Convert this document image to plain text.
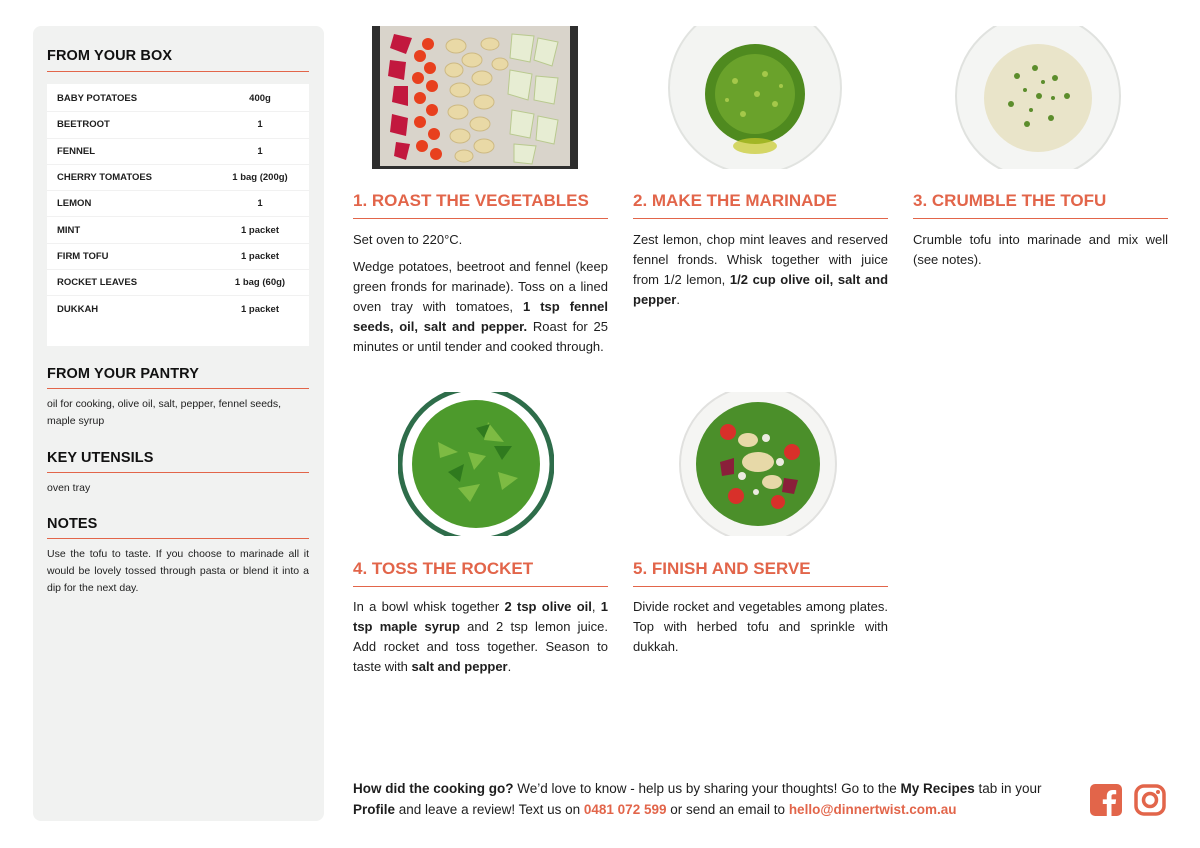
FROM YOUR BOX
BABY POTATOES	400g
BEETROOT	1
FENNEL	1
CHERRY TOMATOES	1 bag (200g)
LEMON	1
MINT	1 packet
FIRM TOFU	1 packet
ROCKET LEAVES	1 bag (60g)
DUKKAH	1 packet
FROM YOUR PANTRY
oil for cooking, olive oil, salt, pepper, fennel seeds, maple syrup
KEY UTENSILS
oven tray
NOTES
Use the tofu to taste. If you choose to marinade all it would be lovely tossed through pasta or blend it into a dip for the next day.
1. ROAST THE VEGETABLES

Set oven to 220°C.

Wedge potatoes, beetroot and fennel (keep green fronds for marinade). Toss on a lined oven tray with tomatoes, 1 tsp fennel seeds, oil, salt and pepper. Roast for 25 minutes or until tender and cooked through.

2. MAKE THE MARINADE

Zest lemon, chop mint leaves and reserved fennel fronds. Whisk together with juice from 1/2 lemon, 1/2 cup olive oil, salt and pepper.

3. CRUMBLE THE TOFU

Crumble tofu into marinade and mix well (see notes).

4. TOSS THE ROCKET

In a bowl whisk together 2 tsp olive oil, 1 tsp maple syrup and 2 tsp lemon juice. Add rocket and toss together. Season to taste with salt and pepper.

5. FINISH AND SERVE

Divide rocket and vegetables among plates. Top with herbed tofu and sprinkle with dukkah.

How did the cooking go? We’d love to know - help us by sharing your thoughts! Go to the My Recipes tab in your Profile and leave a review! Text us on 0481 072 599 or send an email to hello@dinnertwist.com.au
